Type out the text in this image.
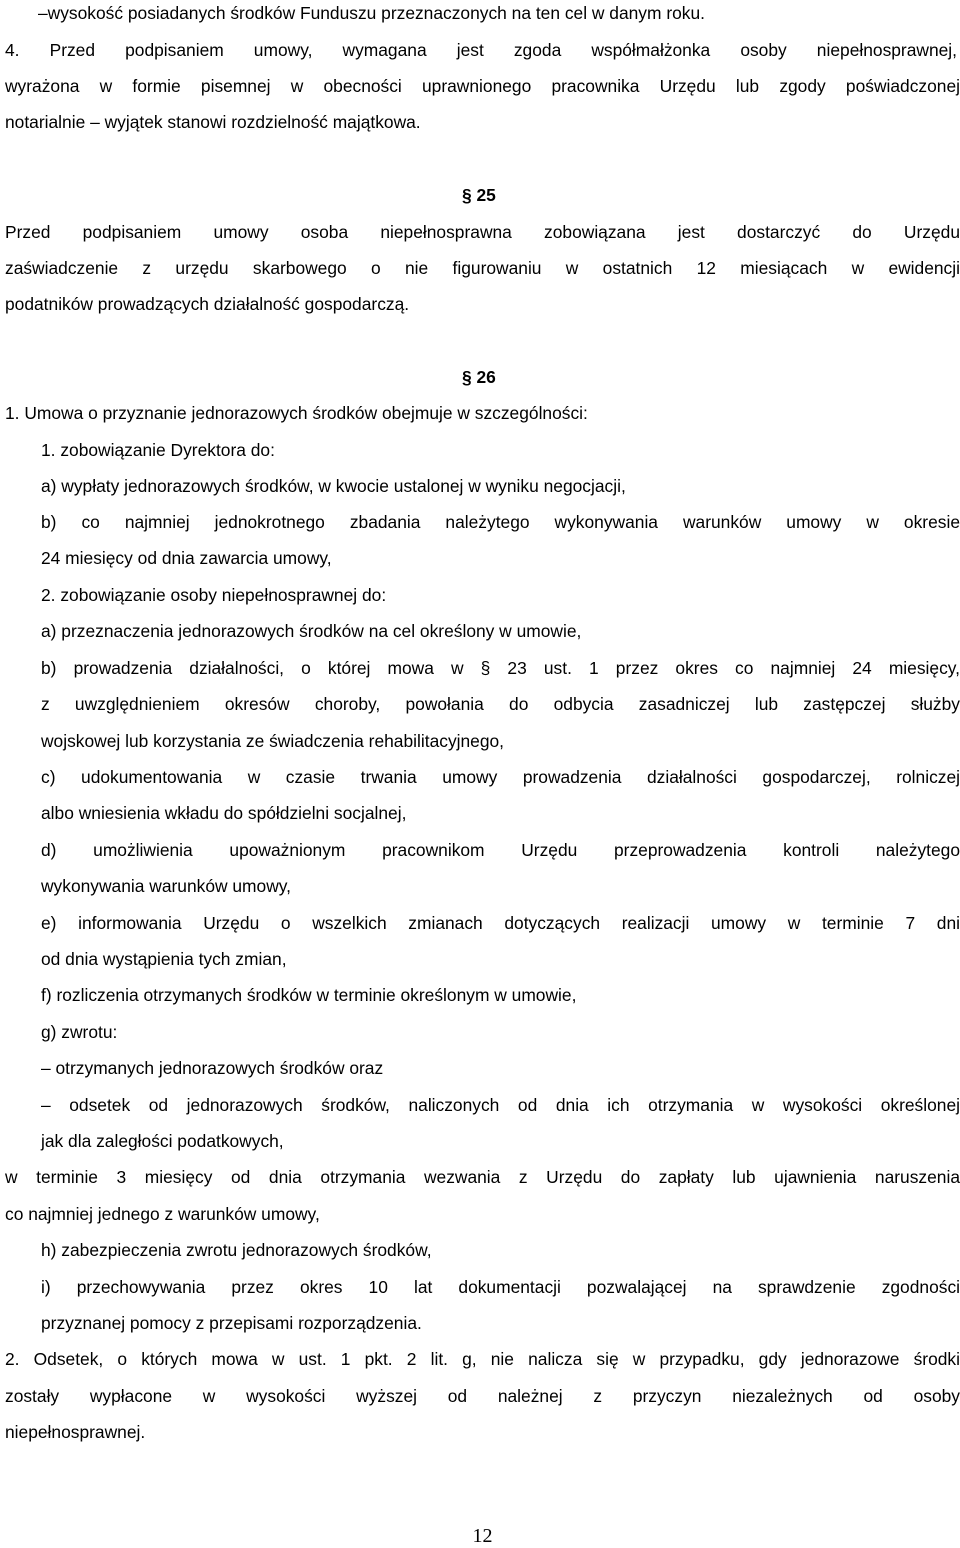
–wysokość posiadanych środków Funduszu przeznaczonych na ten cel w danym roku.
4. Przed podpisaniem umowy, wymagana jest zgoda współmałżonka osoby niepełnosprawnej,
wyrażona w formie pisemnej w obecności uprawnionego pracownika Urzędu lub zgody poświadczonej
notarialnie – wyjątek stanowi rozdzielność majątkowa.
§ 25
Przed podpisaniem umowy osoba niepełnosprawna zobowiązana jest dostarczyć do Urzędu
zaświadczenie z urzędu skarbowego o nie figurowaniu w ostatnich 12 miesiącach w ewidencji
podatników prowadzących działalność gospodarczą.
§ 26
1. Umowa o przyznanie jednorazowych środków obejmuje w szczególności:
1. zobowiązanie Dyrektora do:
a) wypłaty jednorazowych środków, w kwocie ustalonej w wyniku negocjacji,
b) co najmniej jednokrotnego zbadania należytego wykonywania warunków umowy w okresie
24 miesięcy od dnia zawarcia umowy,
2. zobowiązanie osoby niepełnosprawnej do:
a) przeznaczenia jednorazowych środków na cel określony w umowie,
b) prowadzenia działalności, o której mowa w § 23 ust. 1 przez okres co najmniej 24 miesięcy,
z uwzględnieniem okresów choroby, powołania do odbycia zasadniczej lub zastępczej służby
wojskowej lub korzystania ze świadczenia rehabilitacyjnego,
c) udokumentowania w czasie trwania umowy prowadzenia działalności gospodarczej, rolniczej
albo wniesienia wkładu do spółdzielni socjalnej,
d) umożliwienia upoważnionym pracownikom Urzędu przeprowadzenia kontroli należytego
wykonywania warunków umowy,
e) informowania Urzędu o wszelkich zmianach dotyczących realizacji umowy w terminie 7 dni
od dnia wystąpienia tych zmian,
f) rozliczenia otrzymanych środków w terminie określonym w umowie,
g) zwrotu:
– otrzymanych jednorazowych środków oraz
– odsetek od jednorazowych środków, naliczonych od dnia ich otrzymania w wysokości określonej
jak dla zaległości podatkowych,
w terminie 3 miesięcy od dnia otrzymania wezwania z Urzędu do zapłaty lub ujawnienia naruszenia
co najmniej jednego z warunków umowy,
h) zabezpieczenia zwrotu jednorazowych środków,
i) przechowywania przez okres 10 lat dokumentacji pozwalającej na sprawdzenie zgodności
przyznanej pomocy z przepisami rozporządzenia.
2. Odsetek, o których mowa w ust. 1 pkt. 2 lit. g, nie nalicza się w przypadku, gdy jednorazowe środki
zostały wypłacone w wysokości wyższej od należnej z przyczyn niezależnych od osoby
niepełnosprawnej.
12
